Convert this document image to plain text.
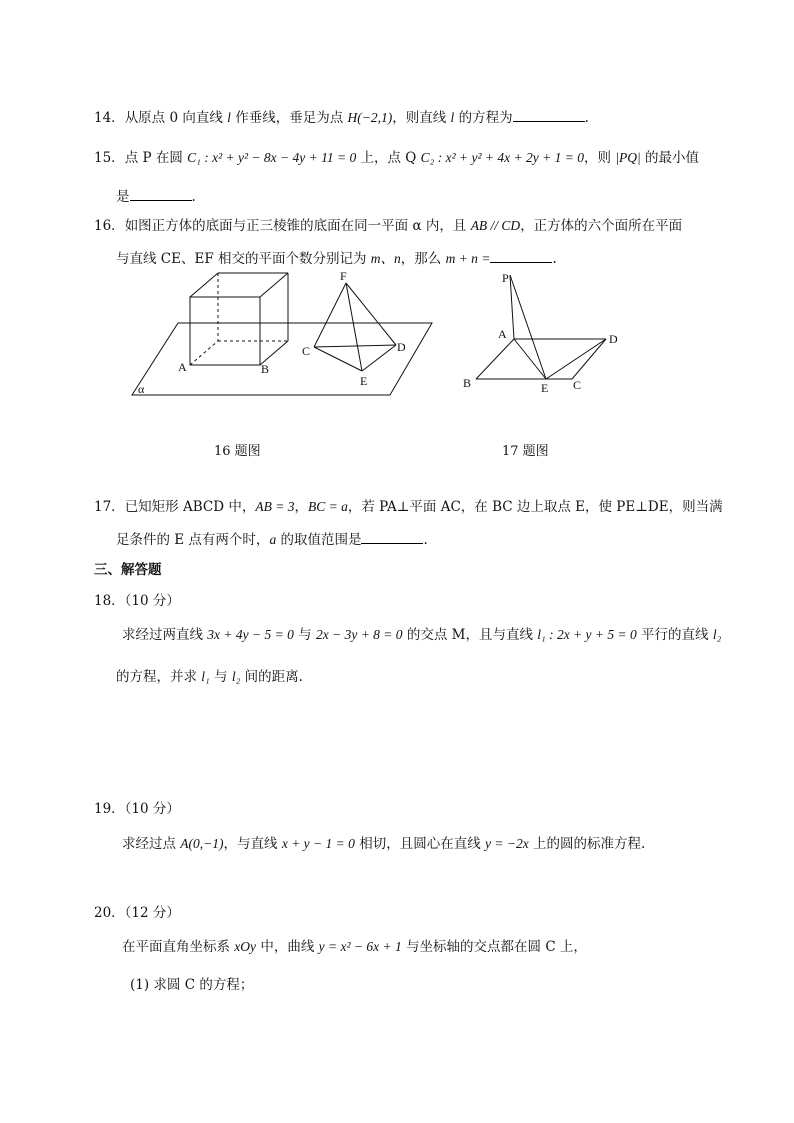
14．从原点 0 向直线 l 作垂线，垂足为点 H(−2,1)，则直线 l 的方程为	.
15．点 P 在圆 C₁ : x² + y² − 8x − 4y + 11 = 0 上，点 Q C₂ : x² + y² + 4x + 2y + 1 = 0，则 |PQ| 的最小值
是	.
16．如图正方体的底面与正三棱锥的底面在同一平面 α 内，且 AB // CD，正方体的六个面所在平面
与直线 CE、EF 相交的平面个数分别记为 m、n，那么 m + n =	.
F
A	B
C	D
E
α
P
A	D
B	E C
16 题图	17 题图
17．已知矩形 ABCD 中，AB = 3，BC = a，若 PA⊥平面 AC，在 BC 边上取点 E，使 PE⊥DE，则当满
足条件的 E 点有两个时，a 的取值范围是	.
三、解答题
18．（10 分）
求经过两直线 3x + 4y − 5 = 0 与 2x − 3y + 8 = 0 的交点 M，且与直线 l₁ : 2x + y + 5 = 0 平行的直线 l₂
的方程，并求 l₁ 与 l₂ 间的距离.
19．（10 分）
求经过点 A(0,−1)，与直线 x + y − 1 = 0 相切，且圆心在直线 y = −2x 上的圆的标准方程.
20．（12 分）
在平面直角坐标系 xOy 中，曲线 y = x² − 6x + 1 与坐标轴的交点都在圆 C 上，
(1) 求圆 C 的方程；
